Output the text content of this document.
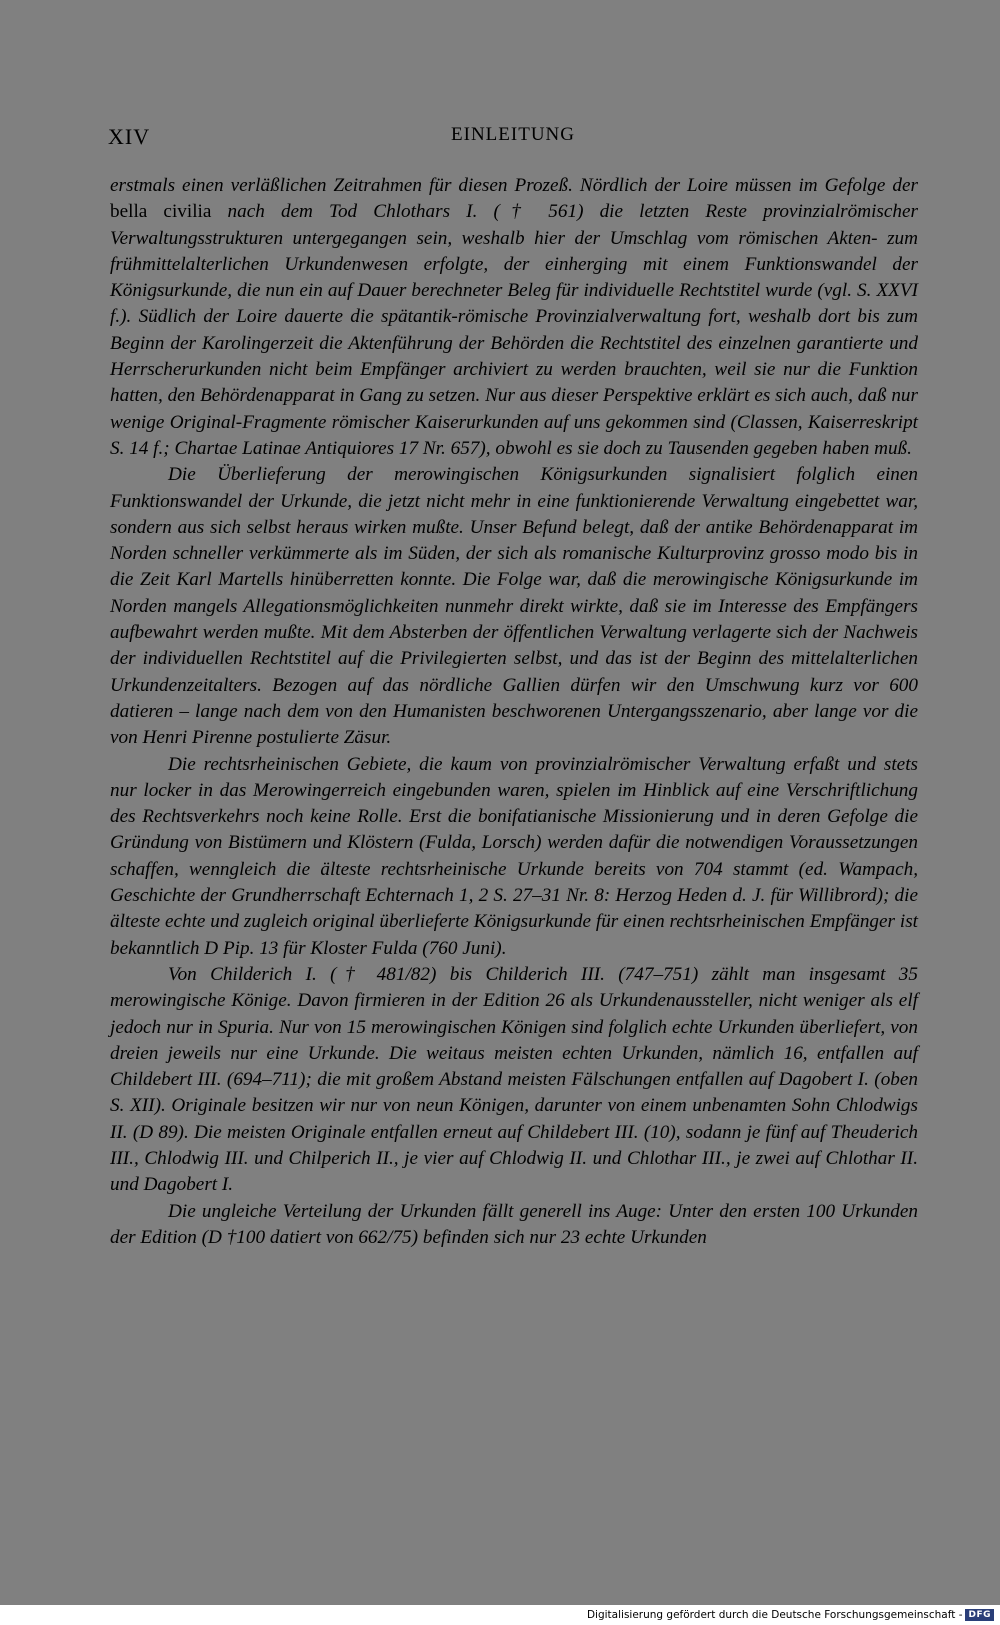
XIV	EINLEITUNG

erstmals einen verläßlichen Zeitrahmen für diesen Prozeß. Nördlich der Loire müssen im Gefolge der bella civilia nach dem Tod Chlothars I. († 561) die letzten Reste provinzialrömischer Verwaltungsstrukturen untergegangen sein, weshalb hier der Umschlag vom römischen Akten- zum frühmittelalterlichen Urkundenwesen erfolgte, der einherging mit einem Funktionswandel der Königsurkunde, die nun ein auf Dauer berechneter Beleg für individuelle Rechtstitel wurde (vgl. S. XXVI f.). Südlich der Loire dauerte die spätantik-römische Provinzialverwaltung fort, weshalb dort bis zum Beginn der Karolingerzeit die Aktenführung der Behörden die Rechtstitel des einzelnen garantierte und Herrscherurkunden nicht beim Empfänger archiviert zu werden brauchten, weil sie nur die Funktion hatten, den Behördenapparat in Gang zu setzen. Nur aus dieser Perspektive erklärt es sich auch, daß nur wenige Original-Fragmente römischer Kaiserurkunden auf uns gekommen sind (Classen, Kaiserreskript S. 14 f.; Chartae Latinae Antiquiores 17 Nr. 657), obwohl es sie doch zu Tausenden gegeben haben muß.

Die Überlieferung der merowingischen Königsurkunden signalisiert folglich einen Funktionswandel der Urkunde, die jetzt nicht mehr in eine funktionierende Verwaltung eingebettet war, sondern aus sich selbst heraus wirken mußte. Unser Befund belegt, daß der antike Behördenapparat im Norden schneller verkümmerte als im Süden, der sich als romanische Kulturprovinz grosso modo bis in die Zeit Karl Martells hinüberretten konnte. Die Folge war, daß die merowingische Königsurkunde im Norden mangels Allegationsmöglichkeiten nunmehr direkt wirkte, daß sie im Interesse des Empfängers aufbewahrt werden mußte. Mit dem Absterben der öffentlichen Verwaltung verlagerte sich der Nachweis der individuellen Rechtstitel auf die Privilegierten selbst, und das ist der Beginn des mittelalterlichen Urkundenzeitalters. Bezogen auf das nördliche Gallien dürfen wir den Umschwung kurz vor 600 datieren – lange nach dem von den Humanisten beschworenen Untergangsszenario, aber lange vor die von Henri Pirenne postulierte Zäsur.

Die rechtsrheinischen Gebiete, die kaum von provinzialrömischer Verwaltung erfaßt und stets nur locker in das Merowingerreich eingebunden waren, spielen im Hinblick auf eine Verschriftlichung des Rechtsverkehrs noch keine Rolle. Erst die bonifatianische Missionierung und in deren Gefolge die Gründung von Bistümern und Klöstern (Fulda, Lorsch) werden dafür die notwendigen Voraussetzungen schaffen, wenngleich die älteste rechtsrheinische Urkunde bereits von 704 stammt (ed. Wampach, Geschichte der Grundherrschaft Echternach 1, 2 S. 27–31 Nr. 8: Herzog Heden d. J. für Willibrord); die älteste echte und zugleich original überlieferte Königsurkunde für einen rechtsrheinischen Empfänger ist bekanntlich D Pip. 13 für Kloster Fulda (760 Juni).

Von Childerich I. († 481/82) bis Childerich III. (747–751) zählt man insgesamt 35 merowingische Könige. Davon firmieren in der Edition 26 als Urkundenaussteller, nicht weniger als elf jedoch nur in Spuria. Nur von 15 merowingischen Königen sind folglich echte Urkunden überliefert, von dreien jeweils nur eine Urkunde. Die weitaus meisten echten Urkunden, nämlich 16, entfallen auf Childebert III. (694–711); die mit großem Abstand meisten Fälschungen entfallen auf Dagobert I. (oben S. XII). Originale besitzen wir nur von neun Königen, darunter von einem unbenamten Sohn Chlodwigs II. (D 89). Die meisten Originale entfallen erneut auf Childebert III. (10), sodann je fünf auf Theuderich III., Chlodwig III. und Chilperich II., je vier auf Chlodwig II. und Chlothar III., je zwei auf Chlothar II. und Dagobert I.

Die ungleiche Verteilung der Urkunden fällt generell ins Auge: Unter den ersten 100 Urkunden der Edition (D †100 datiert von 662/75) befinden sich nur 23 echte Urkunden

Digitalisierung gefördert durch die Deutsche Forschungsgemeinschaft - DFG
